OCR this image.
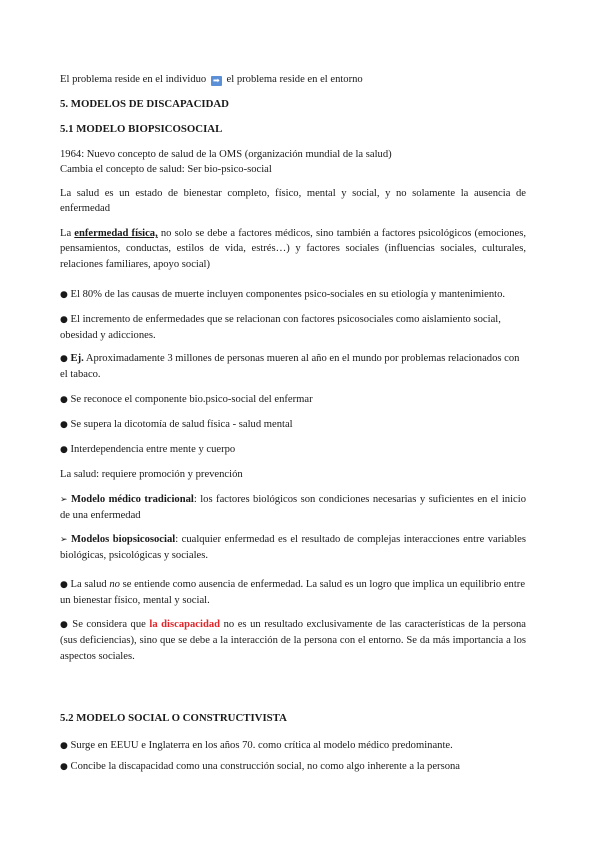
El problema reside en el individuo ➡ el problema reside en el entorno
5. MODELOS DE DISCAPACIDAD
5.1 MODELO BIOPSICOSOCIAL
1964: Nuevo concepto de salud de la OMS (organización mundial de la salud)
Cambia el concepto de salud: Ser bio-psico-social
La salud es un estado de bienestar completo, físico, mental y social, y no solamente la ausencia de enfermedad
La enfermedad física, no solo se debe a factores médicos, sino también a factores psicológicos (emociones, pensamientos, conductas, estilos de vida, estrés…) y factores sociales (influencias sociales, culturales, relaciones familiares, apoyo social)
● El 80% de las causas de muerte incluyen componentes psico-sociales en su etiología y mantenimiento.
● El incremento de enfermedades que se relacionan con factores psicosociales como aislamiento social, obesidad y adicciones.
● Ej. Aproximadamente 3 millones de personas mueren al año en el mundo por problemas relacionados con el tabaco.
● Se reconoce el componente bio.psico-social del enfermar
● Se supera la dicotomía de salud física - salud mental
● Interdependencia entre mente y cuerpo
La salud: requiere promoción y prevención
➢ Modelo médico tradicional: los factores biológicos son condiciones necesarias y suficientes en el inicio de una enfermedad
➢ Modelos biopsicosocial: cualquier enfermedad es el resultado de complejas interacciones entre variables biológicas, psicológicas y sociales.
● La salud no se entiende como ausencia de enfermedad. La salud es un logro que implica un equilibrio entre un bienestar físico, mental y social.
● Se considera que la discapacidad no es un resultado exclusivamente de las características de la persona (sus deficiencias), sino que se debe a la interacción de la persona con el entorno. Se da más importancia a los aspectos sociales.
5.2 MODELO SOCIAL O CONSTRUCTIVISTA
● Surge en EEUU e Inglaterra en los años 70. como crítica al modelo médico predominante.
● Concibe la discapacidad como una construcción social, no como algo inherente a la persona
